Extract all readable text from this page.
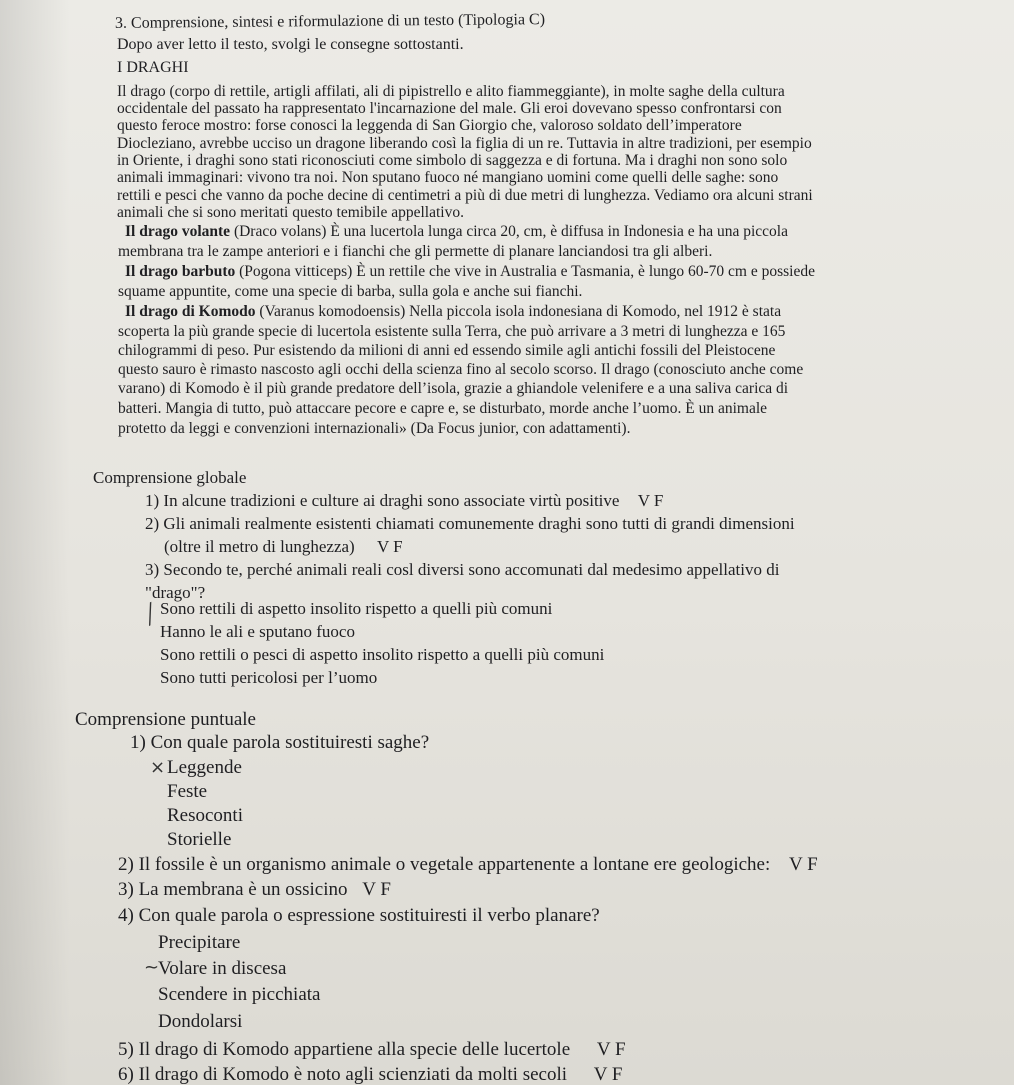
3. Comprensione, sintesi e riformulazione di un testo (Tipologia C)
Dopo aver letto il testo, svolgi le consegne sottostanti.
I DRAGHI
Il drago (corpo di rettile, artigli affilati, ali di pipistrello e alito fiammeggiante), in molte saghe della cultura
occidentale del passato ha rappresentato l'incarnazione del male. Gli eroi dovevano spesso confrontarsi con
questo feroce mostro: forse conosci la leggenda di San Giorgio che, valoroso soldato dell’imperatore
Diocleziano, avrebbe ucciso un dragone liberando così la figlia di un re. Tuttavia in altre tradizioni, per esempio
in Oriente, i draghi sono stati riconosciuti come simbolo di saggezza e di fortuna. Ma i draghi non sono solo
animali immaginari: vivono tra noi. Non sputano fuoco né mangiano uomini come quelli delle saghe: sono
rettili e pesci che vanno da poche decine di centimetri a più di due metri di lunghezza. Vediamo ora alcuni strani
animali che si sono meritati questo temibile appellativo.
Il drago volante (Draco volans) È una lucertola lunga circa 20, cm, è diffusa in Indonesia e ha una piccola
membrana tra le zampe anteriori e i fianchi che gli permette di planare lanciandosi tra gli alberi.
Il drago barbuto (Pogona vitticeps) È un rettile che vive in Australia e Tasmania, è lungo 60-70 cm e possiede
squame appuntite, come una specie di barba, sulla gola e anche sui fianchi.
Il drago di Komodo (Varanus komodoensis) Nella piccola isola indonesiana di Komodo, nel 1912 è stata
scoperta la più grande specie di lucertola esistente sulla Terra, che può arrivare a 3 metri di lunghezza e 165
chilogrammi di peso. Pur esistendo da milioni di anni ed essendo simile agli antichi fossili del Pleistocene
questo sauro è rimasto nascosto agli occhi della scienza fino al secolo scorso. Il drago (conosciuto anche come
varano) di Komodo è il più grande predatore dell’isola, grazie a ghiandole velenifere e a una saliva carica di
batteri. Mangia di tutto, può attaccare pecore e capre e, se disturbato, morde anche l’uomo. È un animale
protetto da leggi e convenzioni internazionali» (Da Focus junior, con adattamenti).
Comprensione globale
1) In alcune tradizioni e culture ai draghi sono associate virtù positive V F
2) Gli animali realmente esistenti chiamati comunemente draghi sono tutti di grandi dimensioni
(oltre il metro di lunghezza) V F
3) Secondo te, perché animali reali cosl diversi sono accomunati dal medesimo appellativo di
"drago"?
╱ Sono rettili di aspetto insolito rispetto a quelli più comuni
Hanno le ali e sputano fuoco
Sono rettili o pesci di aspetto insolito rispetto a quelli più comuni
Sono tutti pericolosi per l’uomo
Comprensione puntuale
1) Con quale parola sostituiresti saghe?
× Leggende
Feste
Resoconti
Storielle
2) Il fossile è un organismo animale o vegetale appartenente a lontane ere geologiche: V F
3) La membrana è un ossicino V F
4) Con quale parola o espressione sostituiresti il verbo planare?
Precipitare
~
Volare in discesa
Scendere in picchiata
Dondolarsi
5) Il drago di Komodo appartiene alla specie delle lucertole V F
6) Il drago di Komodo è noto agli scienziati da molti secoli V F
